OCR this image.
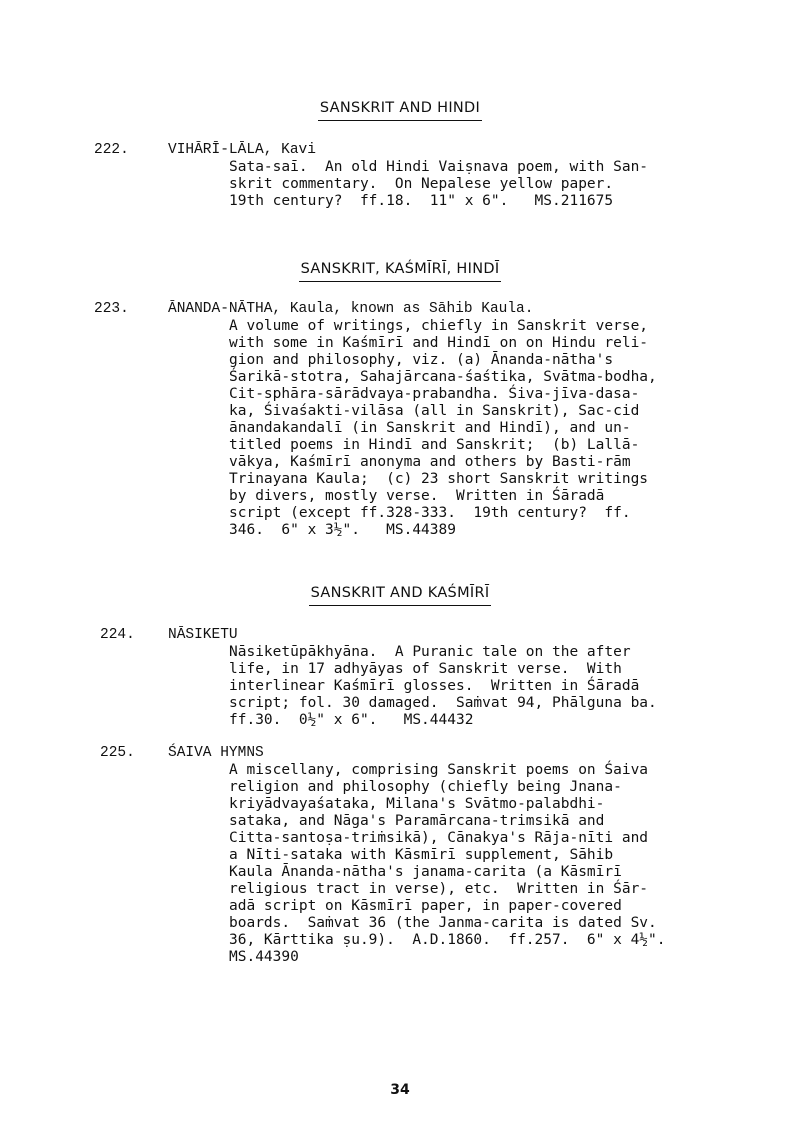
SANSKRIT AND HINDI
222.	VIHĀRĪ-LĀLA, Kavi
Sata-saī.  An old Hindi Vaiṣnava poem, with San-
skrit commentary.  On Nepalese yellow paper.
19th century?  ff.18.  11" x 6".   MS.211675
SANSKRIT, KAŚMĪRĪ, HINDĪ
223.	ĀNANDA-NĀTHA, Kaula, known as Sāhib Kaula.
A volume of writings, chiefly in Sanskrit verse,
with some in Kaśmīrī and Hindī on on Hindu reli-
gion and philosophy, viz. (a) Ānanda-nātha's
Śarikā-stotra, Sahajārcana-śaśtika, Svātma-bodha,
Cit-sphāra-sārādvaya-prabandha. Śiva-jīva-dasa-
ka, Śivaśakti-vilāsa (all in Sanskrit), Sac-cid
ānandakandalī (in Sanskrit and Hindī), and un-
titled poems in Hindī and Sanskrit;  (b) Lallā-
vākya, Kaśmīrī anonyma and others by Basti-rām
Trinayana Kaula;  (c) 23 short Sanskrit writings
by divers, mostly verse.  Written in Śāradā
script (except ff.328-333.  19th century?  ff.
346.  6" x 3½".   MS.44389
SANSKRIT AND KAŚMĪRĪ
224. NĀSIKETU
Nāsiketūpākhyāna.  A Puranic tale on the after
life, in 17 adhyāyas of Sanskrit verse.  With
interlinear Kaśmīrī glosses.  Written in Śāradā
script; fol. 30 damaged.  Saṁvat 94, Phālguna ba.
ff.30.  0½" x 6".   MS.44432
225. ŚAIVA HYMNS
A miscellany, comprising Sanskrit poems on Śaiva
religion and philosophy (chiefly being Jnana-
kriyādvayaśataka, Milana's Svātmo-palabdhi-
sataka, and Nāga's Paramārcana-trimsikā and
Citta-santoṣa-triṁsikā), Cānakya's Rāja-nīti and
a Nīti-sataka with Kāsmīrī supplement, Sāhib
Kaula Ānanda-nātha's janama-carita (a Kāsmīrī
religious tract in verse), etc.  Written in Śār-
adā script on Kāsmīrī paper, in paper-covered
boards.  Saṁvat 36 (the Janma-carita is dated Sv.
36, Kārttika ṣu.9).  A.D.1860.  ff.257.  6" x 4½".
MS.44390
34
